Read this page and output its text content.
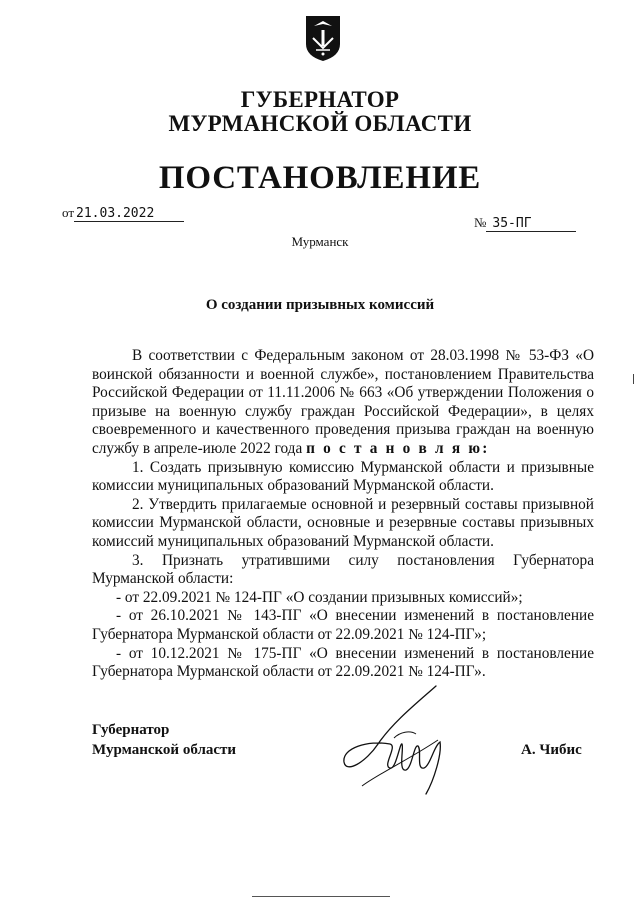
ГУБЕРНАТОР
МУРМАНСКОЙ ОБЛАСТИ
ПОСТАНОВЛЕНИЕ
от 21.03.2022
№ 35-ПГ
Мурманск
О создании призывных комиссий

В соответствии с Федеральным законом от 28.03.1998 № 53-ФЗ «О воинской обязанности и военной службе», постановлением Правительства Российской Федерации от 11.11.2006 № 663 «Об утверждении Положения о призыве на военную службу граждан Российской Федерации», в целях своевременного и качественного проведения призыва граждан на военную службу в апреле-июле 2022 года п о с т а н о в л я ю:

1. Создать призывную комиссию Мурманской области и призывные комиссии муниципальных образований Мурманской области.

2. Утвердить прилагаемые основной и резервный составы призывной комиссии Мурманской области, основные и резервные составы призывных комиссий муниципальных образований Мурманской области.

3. Признать утратившими силу постановления Губернатора Мурманской области:

- от 22.09.2021 № 124-ПГ «О создании призывных комиссий»;
- от 26.10.2021 № 143-ПГ «О внесении изменений в постановление Губернатора Мурманской области от 22.09.2021 № 124-ПГ»;
- от 10.12.2021 № 175-ПГ «О внесении изменений в постановление Губернатора Мурманской области от 22.09.2021 № 124-ПГ».
Губернатор
Мурманской области	А. Чибис
